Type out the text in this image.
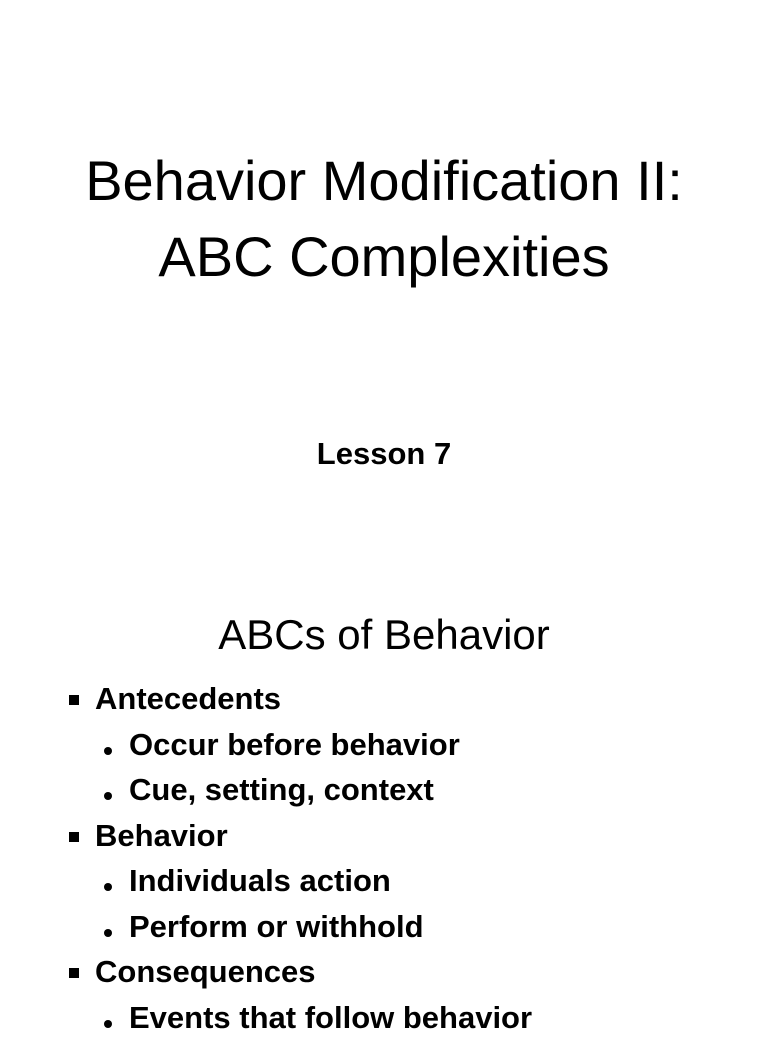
Behavior Modification II:
ABC Complexities

Lesson 7

ABCs of Behavior
Antecedents
Occur before behavior
Cue, setting, context
Behavior
Individuals action
Perform or withhold
Consequences
Events that follow behavior
